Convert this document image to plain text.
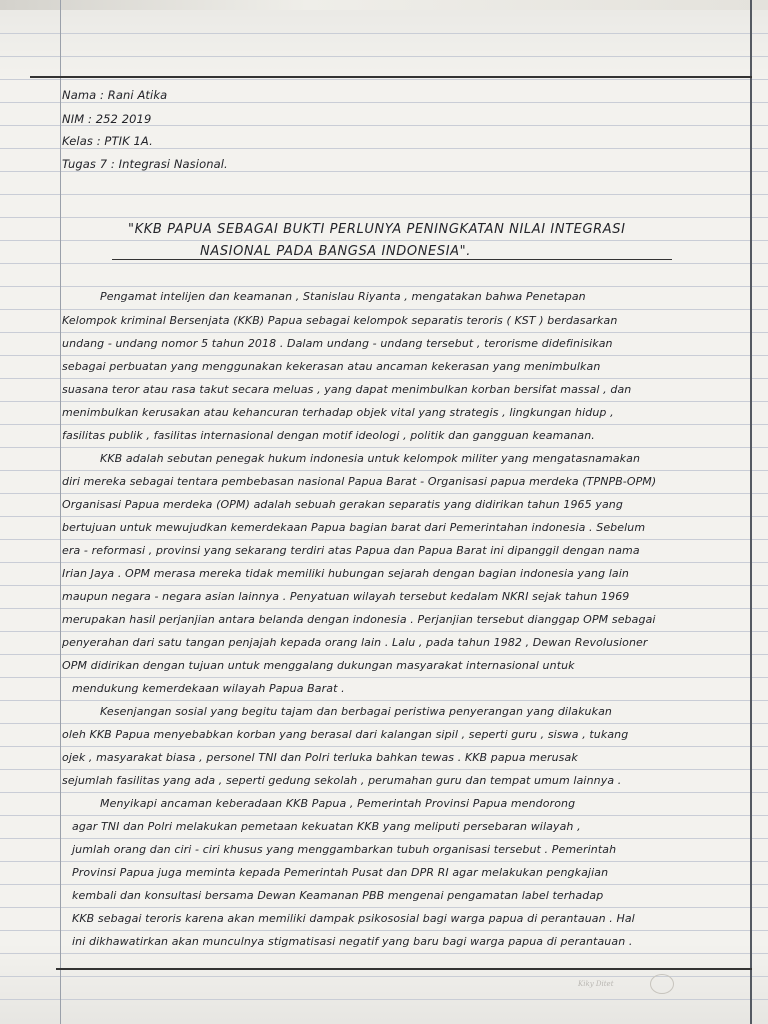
Nama : Rani Atika
NIM : 252 2019
Kelas : PTIK 1A.
Tugas 7 : Integrasi Nasional.
"KKB PAPUA SEBAGAI BUKTI PERLUNYA PENINGKATAN NILAI INTEGRASI
NASIONAL PADA BANGSA INDONESIA".
Pengamat intelijen dan keamanan , Stanislau Riyanta , mengatakan bahwa Penetapan
Kelompok kriminal Bersenjata (KKB) Papua sebagai kelompok separatis teroris ( KST ) berdasarkan
undang - undang nomor 5 tahun 2018 . Dalam undang - undang tersebut , terorisme didefinisikan
sebagai perbuatan yang menggunakan kekerasan atau ancaman kekerasan yang menimbulkan
suasana teror atau rasa takut secara meluas , yang dapat menimbulkan korban bersifat massal , dan
menimbulkan kerusakan atau kehancuran terhadap objek vital yang strategis , lingkungan hidup ,
fasilitas publik , fasilitas internasional dengan motif ideologi , politik dan gangguan keamanan.
KKB adalah sebutan penegak hukum indonesia untuk kelompok militer yang mengatasnamakan
diri mereka sebagai tentara pembebasan nasional Papua Barat - Organisasi papua merdeka (TPNPB-OPM)
Organisasi Papua merdeka (OPM) adalah sebuah gerakan separatis yang didirikan tahun 1965 yang
bertujuan untuk mewujudkan kemerdekaan Papua bagian barat dari Pemerintahan indonesia . Sebelum
era - reformasi , provinsi yang sekarang terdiri atas Papua dan Papua Barat ini dipanggil dengan nama
Irian Jaya . OPM merasa mereka tidak memiliki hubungan sejarah dengan bagian indonesia yang lain
maupun negara - negara asian lainnya . Penyatuan wilayah tersebut kedalam NKRI sejak tahun 1969
merupakan hasil perjanjian antara belanda dengan indonesia . Perjanjian tersebut dianggap OPM sebagai
penyerahan dari satu tangan penjajah kepada orang lain . Lalu , pada tahun 1982 , Dewan Revolusioner
OPM didirikan dengan tujuan untuk menggalang dukungan masyarakat internasional untuk
mendukung kemerdekaan wilayah Papua Barat .
Kesenjangan sosial yang begitu tajam dan berbagai peristiwa penyerangan yang dilakukan
oleh KKB Papua menyebabkan korban yang berasal dari kalangan sipil , seperti guru , siswa , tukang
ojek , masyarakat biasa , personel TNI dan Polri terluka bahkan tewas . KKB papua merusak
sejumlah fasilitas yang ada , seperti gedung sekolah , perumahan guru dan tempat umum lainnya .
Menyikapi ancaman keberadaan KKB Papua , Pemerintah Provinsi Papua mendorong
agar TNI dan Polri melakukan pemetaan kekuatan KKB yang meliputi persebaran wilayah ,
jumlah orang dan ciri - ciri khusus yang menggambarkan tubuh organisasi tersebut . Pemerintah
Provinsi Papua juga meminta kepada Pemerintah Pusat dan DPR RI agar melakukan pengkajian
kembali dan konsultasi bersama Dewan Keamanan PBB mengenai pengamatan label terhadap
KKB sebagai teroris karena akan memiliki dampak psikososial bagi warga papua di perantauan . Hal
ini dikhawatirkan akan munculnya stigmatisasi negatif yang baru bagi warga papua di perantauan .
Kiky Ditet
